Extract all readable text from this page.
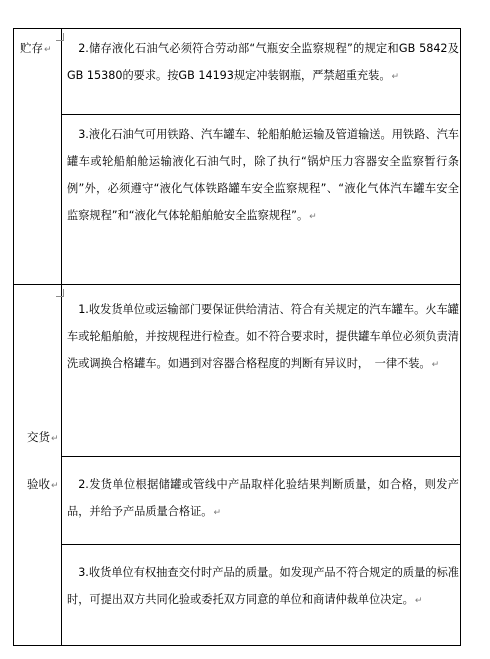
贮存↵
交货↵
验收↵
2.储存液化石油气必须符合劳动部“气瓶安全监察规程”的规定和GB 5842及GB 15380的要求。按GB 14193规定冲装钢瓶，严禁超重充装。↵
3.液化石油气可用铁路、汽车罐车、轮船舶舱运输及管道输送。用铁路、汽车罐车或轮船舶舱运输液化石油气时，除了执行“锅炉压力容器安全监察暂行条例”外，必须遵守“液化气体铁路罐车安全监察规程”、“液化气体汽车罐车安全监察规程”和“液化气体轮船舶舱安全监察规程”。↵
1.收发货单位或运输部门要保证供给清洁、符合有关规定的汽车罐车。火车罐车或轮船舶舱，并按规程进行检查。如不符合要求时，提供罐车单位必须负责清洗或调换合格罐车。如遇到对容器合格程度的判断有异议时，　一律不装。↵
2.发货单位根据储罐或管线中产品取样化验结果判断质量，如合格，则发产品，并给予产品质量合格证。↵
3.收货单位有权抽查交付时产品的质量。如发现产品不符合规定的质量的标准时，可提出双方共同化验或委托双方同意的单位和商请仲裁单位决定。↵
